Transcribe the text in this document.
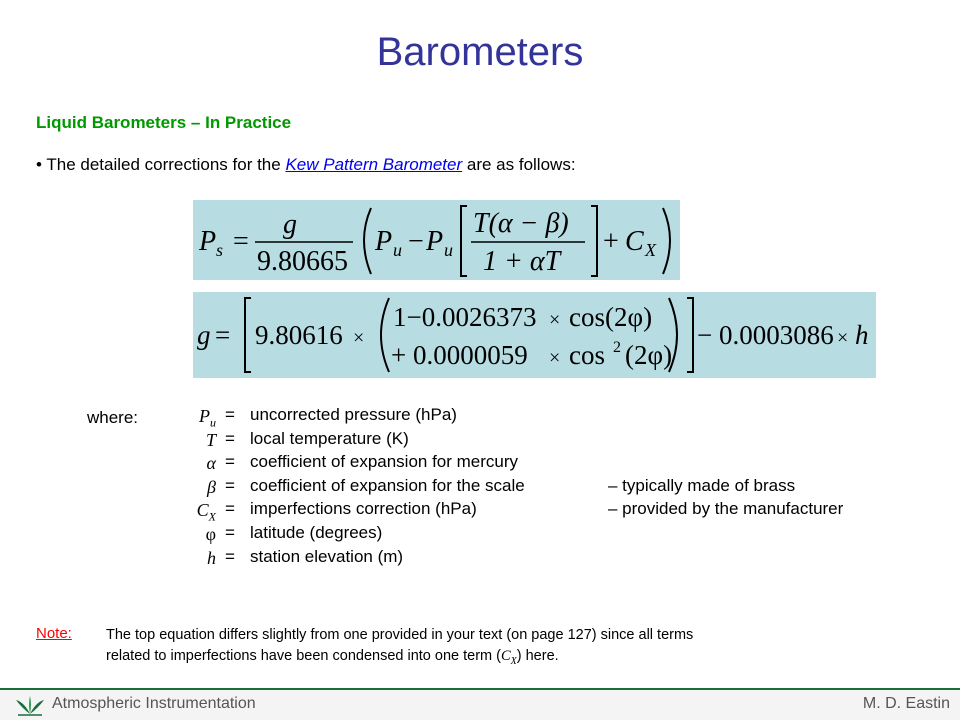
Barometers
Liquid Barometers – In Practice
• The detailed corrections for the Kew Pattern Barometer are as follows:
P s =
g
9.80665
P u − P u
T(α − β)
1 + αT
+ C X
g = 9.80616 ×
1−0.0026373 × cos(2φ)
+ 0.0000059 × cos 2 (2φ)
− 0.0003086 × h
where:	$P_u$ = uncorrected pressure (hPa)
T = local temperature (K)
α = coefficient of expansion for mercury
β = coefficient of expansion for the scale	– typically made of brass
$C_X$ = imperfections correction (hPa)	– provided by the manufacturer
φ = latitude (degrees)
h = station elevation (m)
Note: The top equation differs slightly from one provided in your text (on page 127) since all terms
related to imperfections have been condensed into one term $(C_X)$ here.
Atmospheric Instrumentation	M. D. Eastin
